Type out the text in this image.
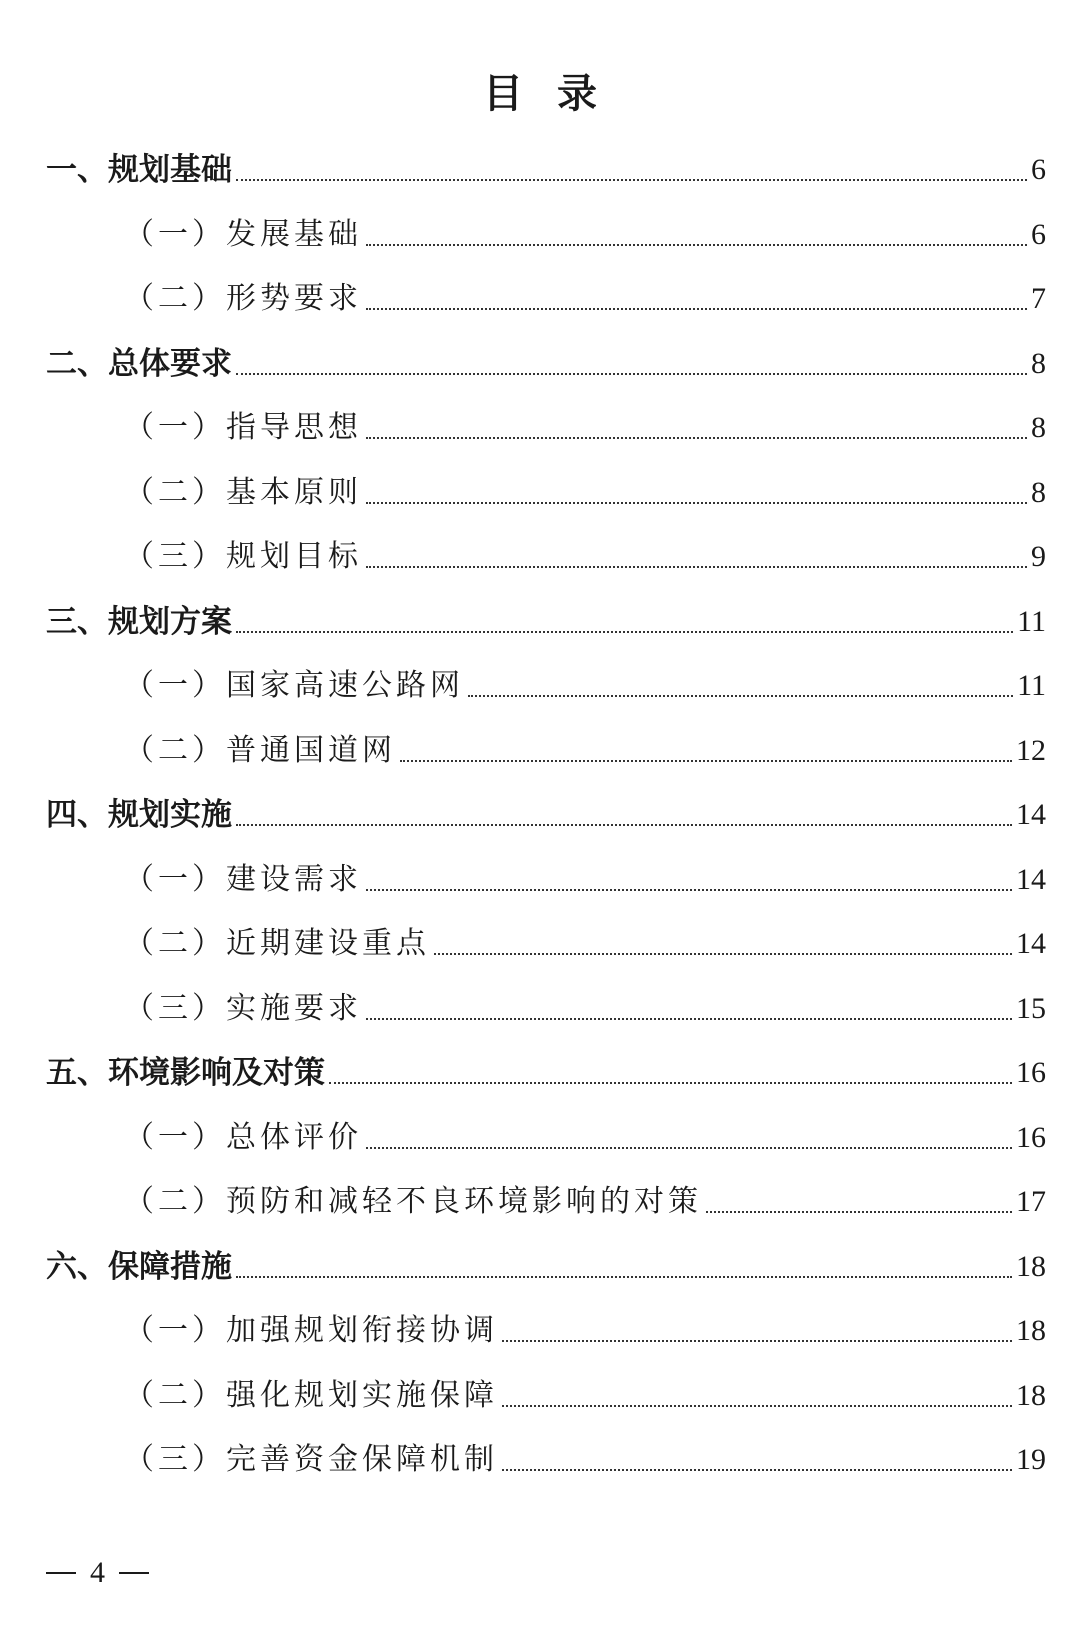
目录
一、规划基础	6
（一）发展基础	6
（二）形势要求	7
二、总体要求	8
（一）指导思想	8
（二）基本原则	8
（三）规划目标	9
三、规划方案	11
（一）国家高速公路网	11
（二）普通国道网	12
四、规划实施	14
（一）建设需求	14
（二）近期建设重点	14
（三）实施要求	15
五、环境影响及对策	16
（一）总体评价	16
（二）预防和减轻不良环境影响的对策	17
六、保障措施	18
（一）加强规划衔接协调	18
（二）强化规划实施保障	18
（三）完善资金保障机制	19
4
